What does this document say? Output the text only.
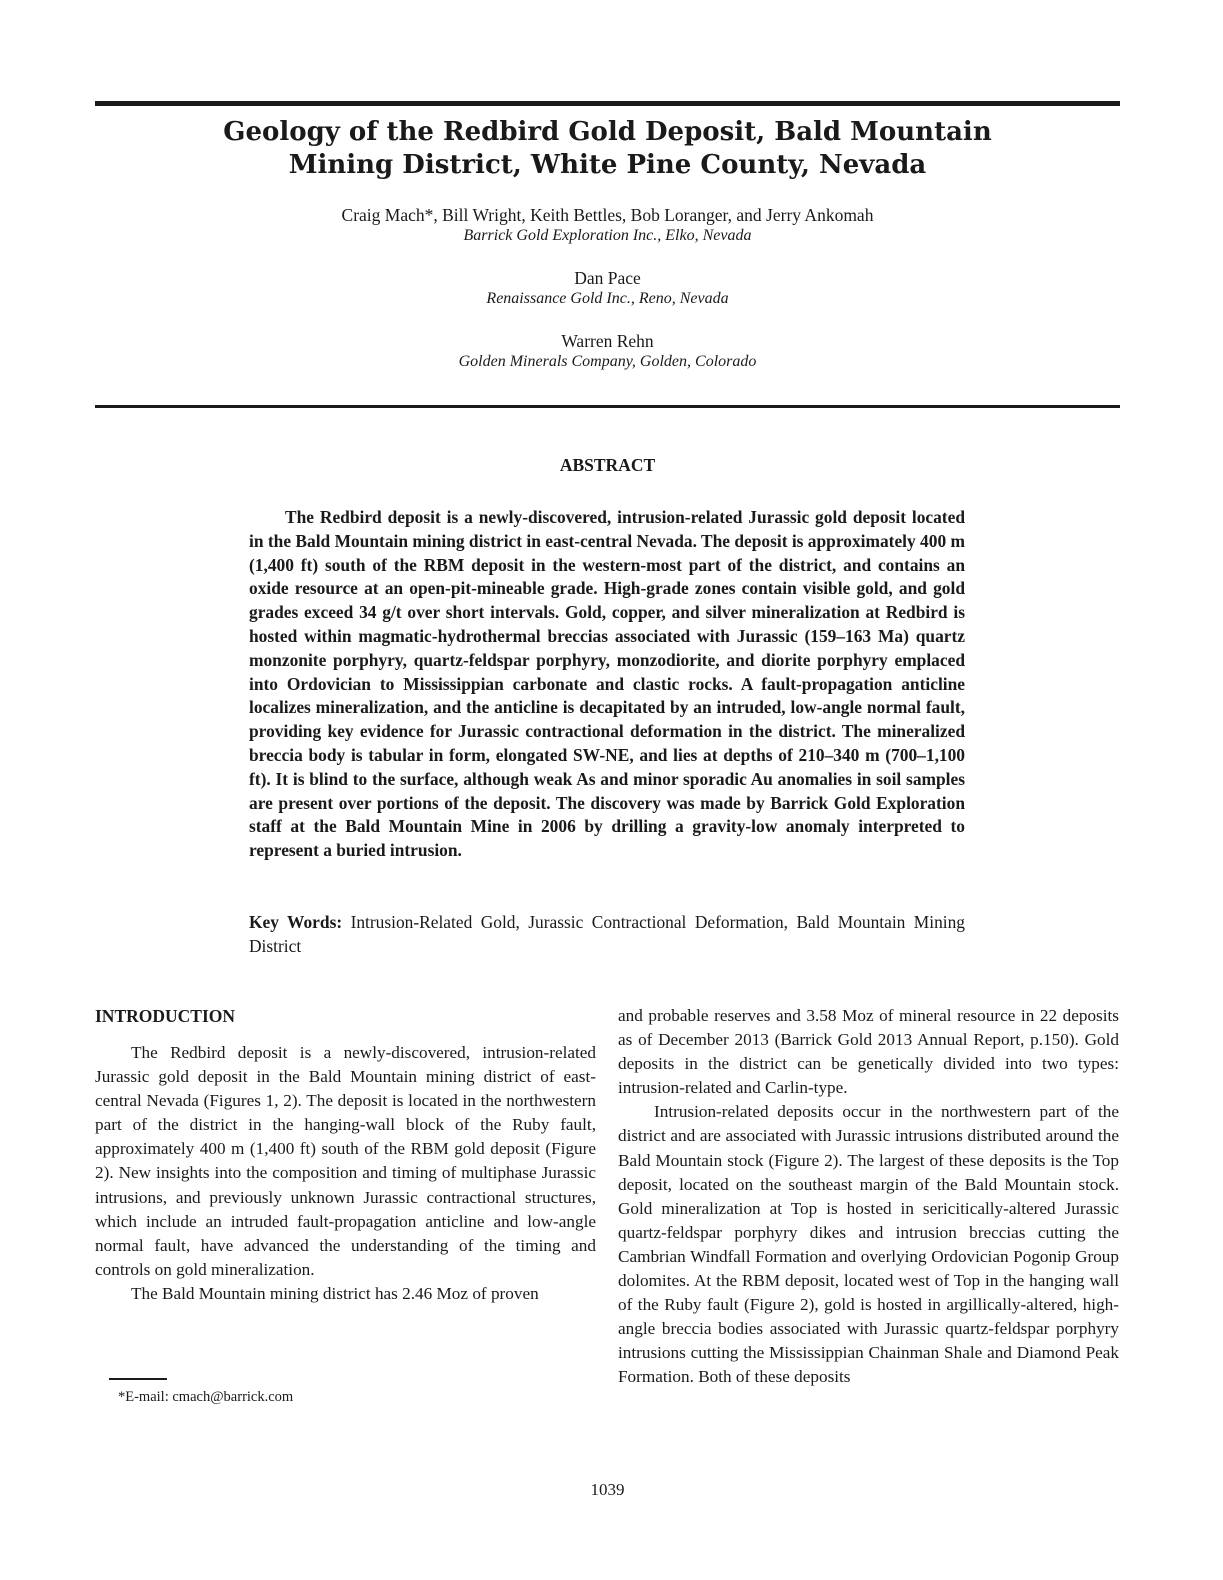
Geology of the Redbird Gold Deposit, Bald Mountain
Mining District, White Pine County, Nevada
Craig Mach*, Bill Wright, Keith Bettles, Bob Loranger, and Jerry Ankomah
Barrick Gold Exploration Inc., Elko, Nevada
Dan Pace
Renaissance Gold Inc., Reno, Nevada
Warren Rehn
Golden Minerals Company, Golden, Colorado
ABSTRACT

The Redbird deposit is a newly-discovered, intrusion-related Jurassic gold deposit located in the Bald Mountain mining district in east-central Nevada. The deposit is approximately 400 m (1,400 ft) south of the RBM deposit in the western-most part of the district, and contains an oxide resource at an open-pit-mineable grade. High-grade zones contain visible gold, and gold grades exceed 34 g/t over short intervals. Gold, copper, and silver mineralization at Redbird is hosted within magmatic-hydrothermal breccias associated with Jurassic (159–163 Ma) quartz monzonite porphyry, quartz-feldspar porphyry, monzodiorite, and diorite porphyry emplaced into Ordovician to Mississippian carbonate and clastic rocks. A fault-propagation anticline localizes mineralization, and the anticline is decapitated by an intruded, low-angle normal fault, providing key evidence for Jurassic contractional deformation in the district. The mineralized breccia body is tabular in form, elongated SW-NE, and lies at depths of 210–340 m (700–1,100 ft). It is blind to the surface, although weak As and minor sporadic Au anomalies in soil samples are present over portions of the deposit. The discovery was made by Barrick Gold Exploration staff at the Bald Mountain Mine in 2006 by drilling a gravity-low anomaly interpreted to represent a buried intrusion.

Key Words: Intrusion-Related Gold, Jurassic Contractional Deformation, Bald Mountain Mining District

INTRODUCTION

The Redbird deposit is a newly-discovered, intrusion-related Jurassic gold deposit in the Bald Mountain mining district of east-central Nevada (Figures 1, 2). The deposit is located in the northwestern part of the district in the hanging-wall block of the Ruby fault, approximately 400 m (1,400 ft) south of the RBM gold deposit (Figure 2). New insights into the composition and timing of multiphase Jurassic intrusions, and previously unknown Jurassic contractional structures, which include an intruded fault-propagation anticline and low-angle normal fault, have advanced the understanding of the timing and controls on gold mineralization.

The Bald Mountain mining district has 2.46 Moz of proven

and probable reserves and 3.58 Moz of mineral resource in 22 deposits as of December 2013 (Barrick Gold 2013 Annual Report, p.150). Gold deposits in the district can be genetically divided into two types: intrusion-related and Carlin-type.

Intrusion-related deposits occur in the northwestern part of the district and are associated with Jurassic intrusions distributed around the Bald Mountain stock (Figure 2). The largest of these deposits is the Top deposit, located on the southeast margin of the Bald Mountain stock. Gold mineralization at Top is hosted in sericitically-altered Jurassic quartz-feldspar porphyry dikes and intrusion breccias cutting the Cambrian Windfall Formation and overlying Ordovician Pogonip Group dolomites. At the RBM deposit, located west of Top in the hanging wall of the Ruby fault (Figure 2), gold is hosted in argillically-altered, high-angle breccia bodies associated with Jurassic quartz-feldspar porphyry intrusions cutting the Mississippian Chainman Shale and Diamond Peak Formation. Both of these deposits

*E-mail: cmach@barrick.com
1039
